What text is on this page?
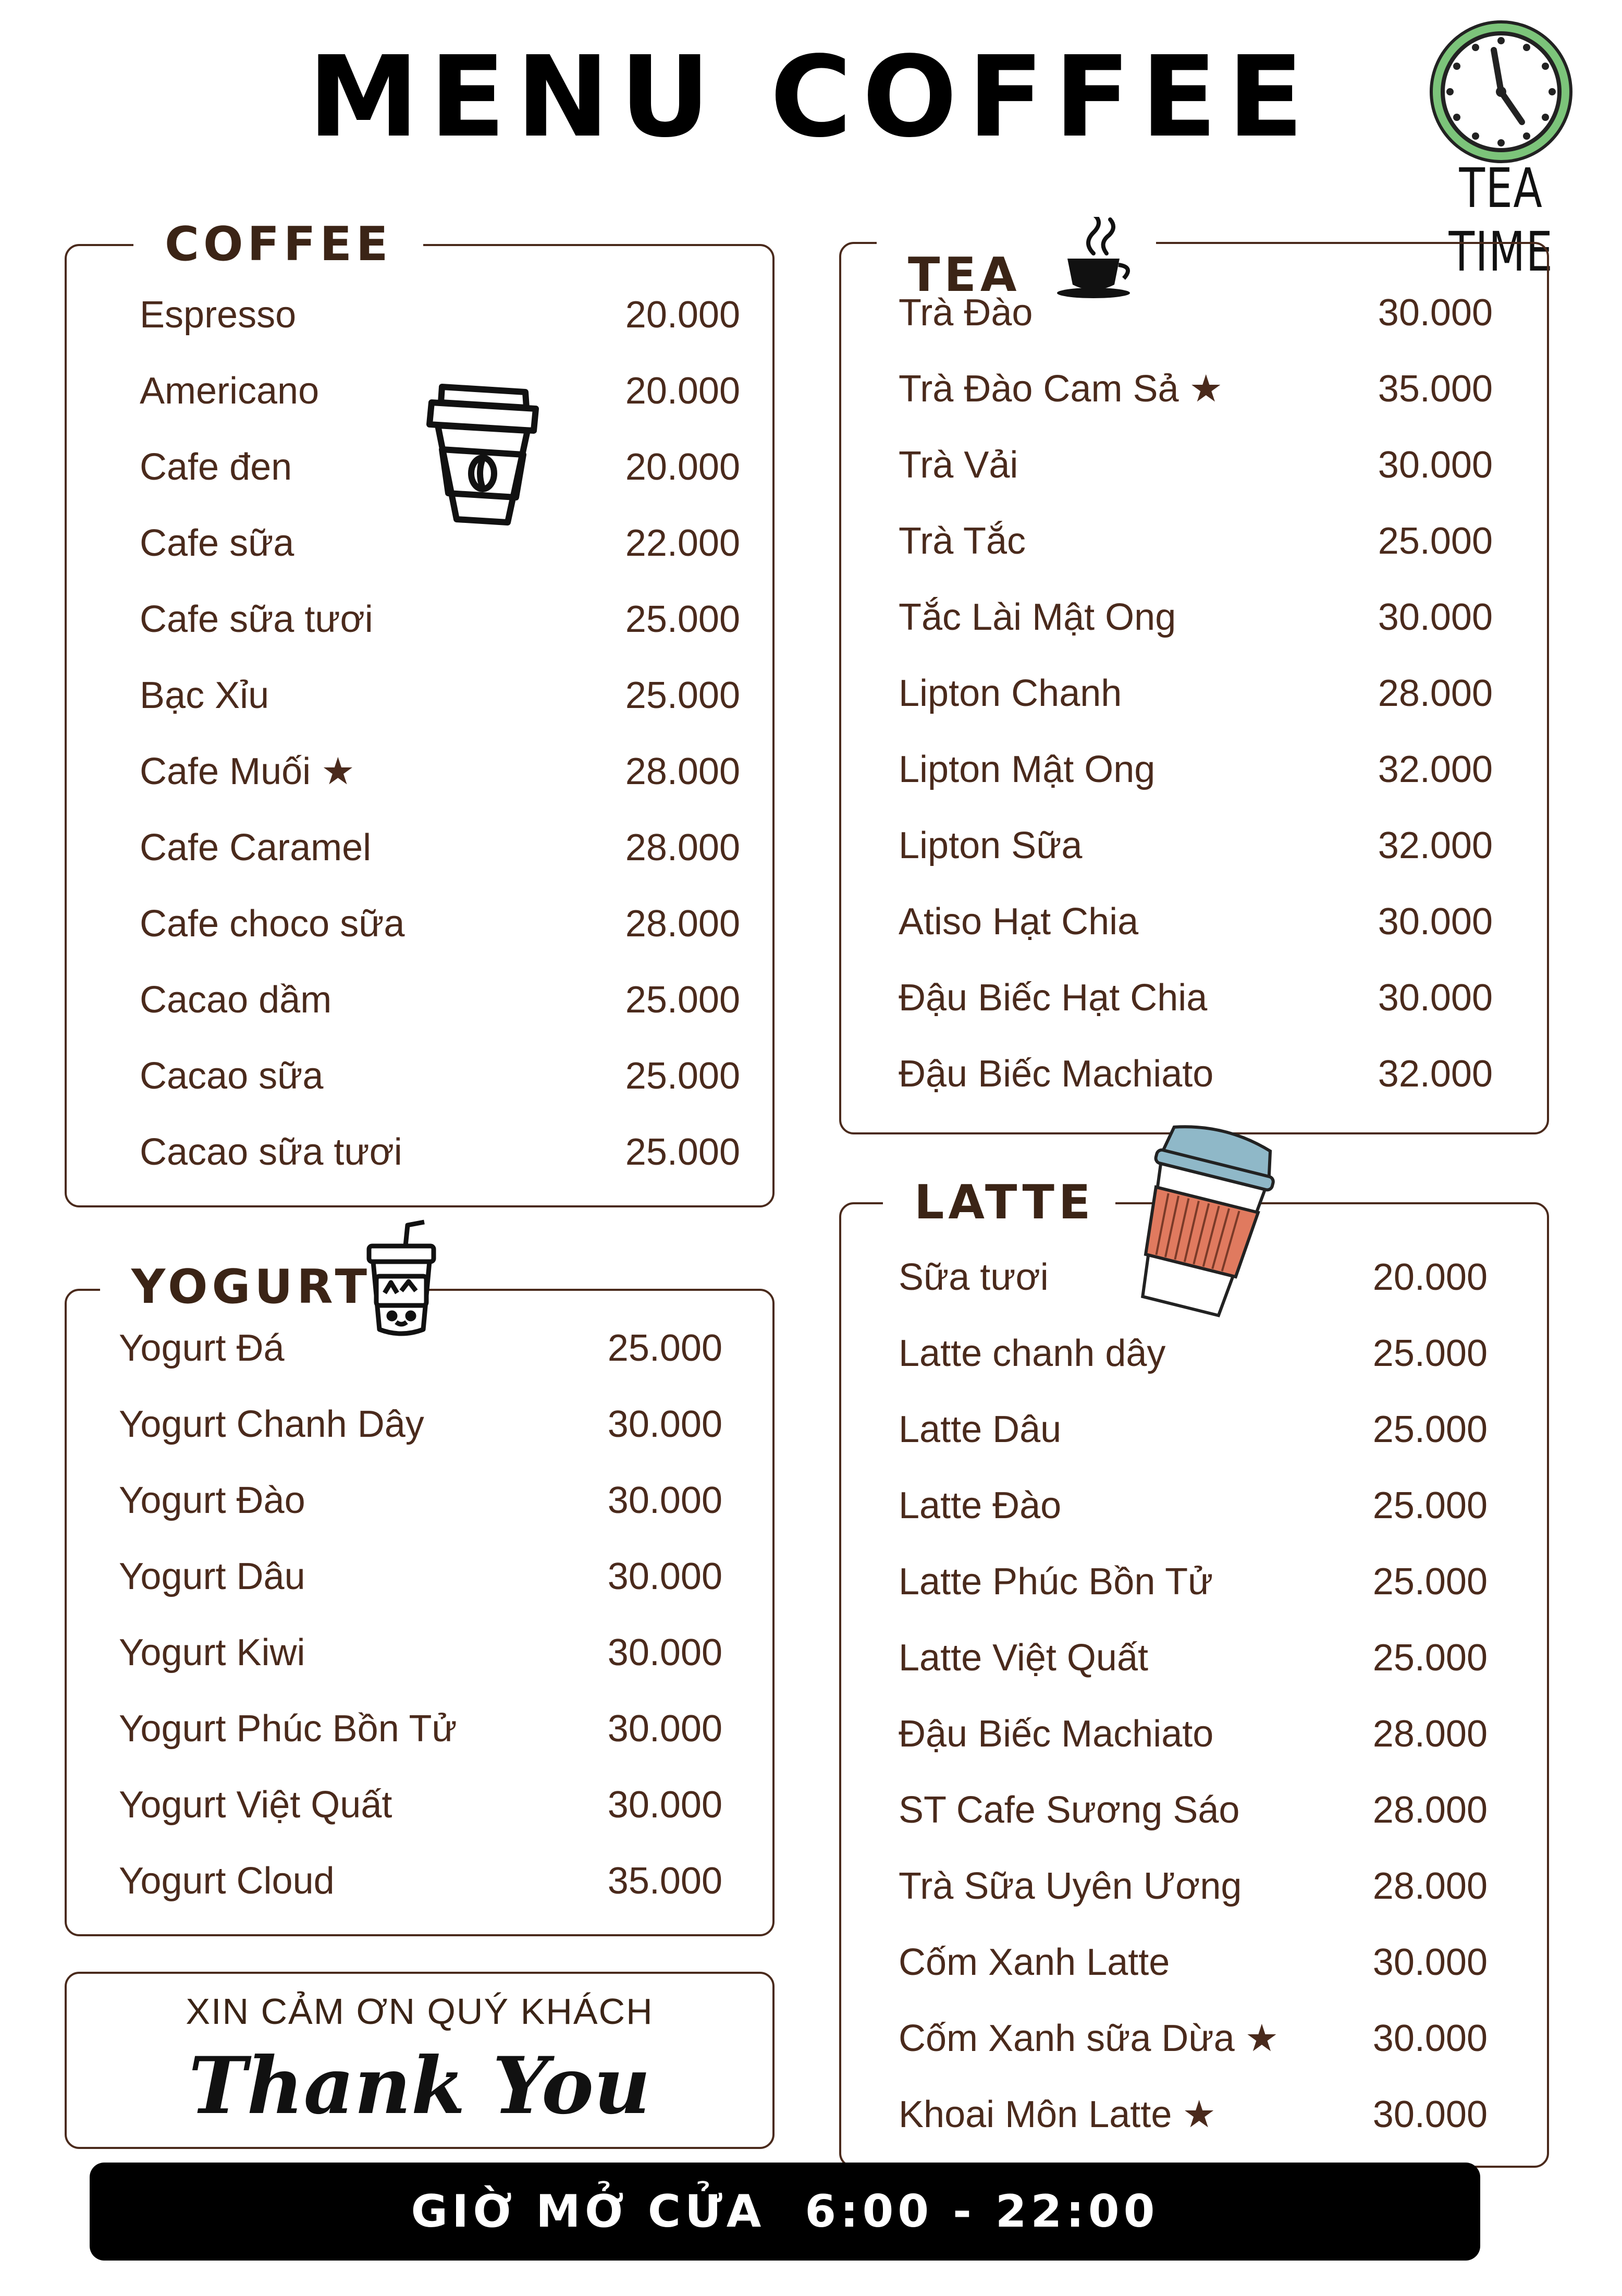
MENU COFFEE
TEA TIME
COFFEE
Espresso	20.000
Americano	20.000
Cafe đen	20.000
Cafe sữa	22.000
Cafe sữa tươi	25.000
Bạc Xỉu	25.000
Cafe Muối ★	28.000
Cafe Caramel	28.000
Cafe choco sữa	28.000
Cacao dầm	25.000
Cacao sữa	25.000
Cacao sữa tươi	25.000
TEA
Trà Đào	30.000
Trà Đào Cam Sả ★	35.000
Trà Vải	30.000
Trà Tắc	25.000
Tắc Lài Mật Ong	30.000
Lipton Chanh	28.000
Lipton Mật Ong	32.000
Lipton Sữa	32.000
Atiso Hạt Chia	30.000
Đậu Biếc Hạt Chia	30.000
Đậu Biếc Machiato	32.000
YOGURT
Yogurt Đá	25.000
Yogurt Chanh Dây	30.000
Yogurt Đào	30.000
Yogurt Dâu	30.000
Yogurt Kiwi	30.000
Yogurt Phúc Bồn Tử	30.000
Yogurt Việt Quất	30.000
Yogurt Cloud	35.000
LATTE
Sữa tươi	20.000
Latte chanh dây	25.000
Latte Dâu	25.000
Latte Đào	25.000
Latte Phúc Bồn Tử	25.000
Latte Việt Quất	25.000
Đậu Biếc Machiato	28.000
ST Cafe Sương Sáo	28.000
Trà Sữa Uyên Ương	28.000
Cốm Xanh Latte	30.000
Cốm Xanh sữa Dừa ★	30.000
Khoai Môn Latte ★	30.000
XIN CẢM ƠN QUÝ KHÁCH
Thank You
GIỜ MỞ CỬA  6:00 - 22:00
